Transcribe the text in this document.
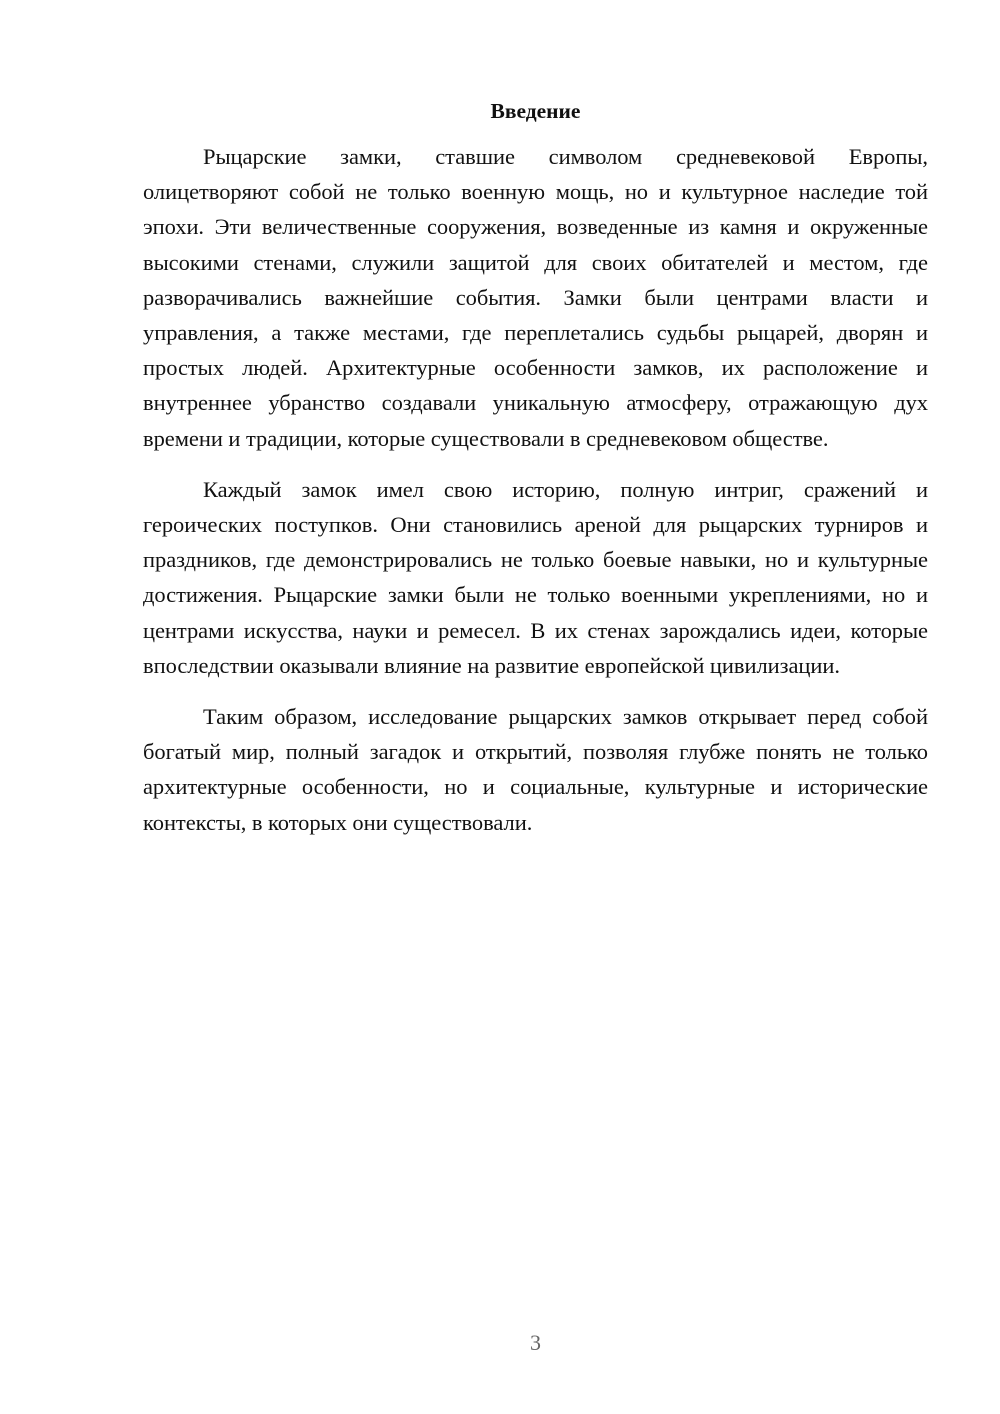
Введение

Рыцарские замки, ставшие символом средневековой Европы, олицетворяют собой не только военную мощь, но и культурное наследие той эпохи. Эти величественные сооружения, возведенные из камня и окруженные высокими стенами, служили защитой для своих обитателей и местом, где разворачивались важнейшие события. Замки были центрами власти и управления, а также местами, где переплетались судьбы рыцарей, дворян и простых людей. Архитектурные особенности замков, их расположение и внутреннее убранство создавали уникальную атмосферу, отражающую дух времени и традиции, которые существовали в средневековом обществе.

Каждый замок имел свою историю, полную интриг, сражений и героических поступков. Они становились ареной для рыцарских турниров и праздников, где демонстрировались не только боевые навыки, но и культурные достижения. Рыцарские замки были не только военными укреплениями, но и центрами искусства, науки и ремесел. В их стенах зарождались идеи, которые впоследствии оказывали влияние на развитие европейской цивилизации.

Таким образом, исследование рыцарских замков открывает перед собой богатый мир, полный загадок и открытий, позволяя глубже понять не только архитектурные особенности, но и социальные, культурные и исторические контексты, в которых они существовали.

3
